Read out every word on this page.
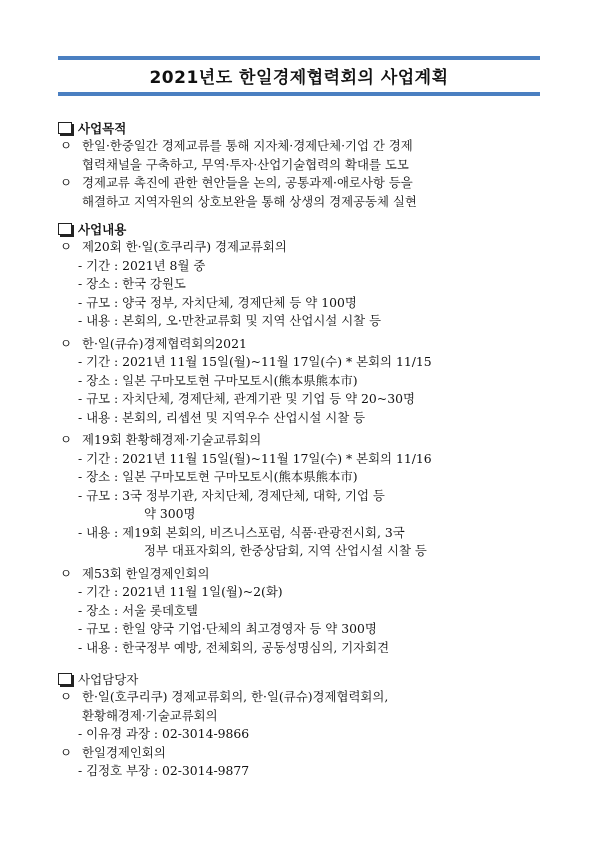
2021년도 한일경제협력회의 사업계획
사업목적
ㅇ 한일·한중일간 경제교류를 통해 지자체·경제단체·기업 간 경제
협력채널을 구축하고, 무역·투자·산업기술협력의 확대를 도모
ㅇ 경제교류 촉진에 관한 현안들을 논의, 공통과제·애로사항 등을
해결하고 지역자원의 상호보완을 통해 상생의 경제공동체 실현
사업내용
ㅇ 제20회 한·일(호쿠리쿠) 경제교류회의
- 기간 : 2021년 8월 중
- 장소 : 한국 강원도
- 규모 : 양국 정부, 자치단체, 경제단체 등 약 100명
- 내용 : 본회의, 오·만찬교류회 및 지역 산업시설 시찰 등
ㅇ 한·일(큐슈)경제협력회의2021
- 기간 : 2021년 11월 15일(월)~11월 17일(수) * 본회의 11/15
- 장소 : 일본 구마모토현 구마모토시(熊本県熊本市)
- 규모 : 자치단체, 경제단체, 관계기관 및 기업 등 약 20~30명
- 내용 : 본회의, 리셉션 및 지역우수 산업시설 시찰 등
ㅇ 제19회 환황해경제·기술교류회의
- 기간 : 2021년 11월 15일(월)~11월 17일(수) * 본회의 11/16
- 장소 : 일본 구마모토현 구마모토시(熊本県熊本市)
- 규모 : 3국 정부기관, 자치단체, 경제단체, 대학, 기업 등
약 300명
- 내용 : 제19회 본회의, 비즈니스포럼, 식품·관광전시회, 3국
정부 대표자회의, 한중상담회, 지역 산업시설 시찰 등
ㅇ 제53회 한일경제인회의
- 기간 : 2021년 11월 1일(월)~2(화)
- 장소 : 서울 롯데호텔
- 규모 : 한일 양국 기업·단체의 최고경영자 등 약 300명
- 내용 : 한국정부 예방, 전체회의, 공동성명심의, 기자회견
사업담당자
ㅇ 한·일(호쿠리쿠) 경제교류회의, 한·일(큐슈)경제협력회의,
환황해경제·기술교류회의
- 이유경 과장 : 02-3014-9866
ㅇ 한일경제인회의
- 김정호 부장 : 02-3014-9877
